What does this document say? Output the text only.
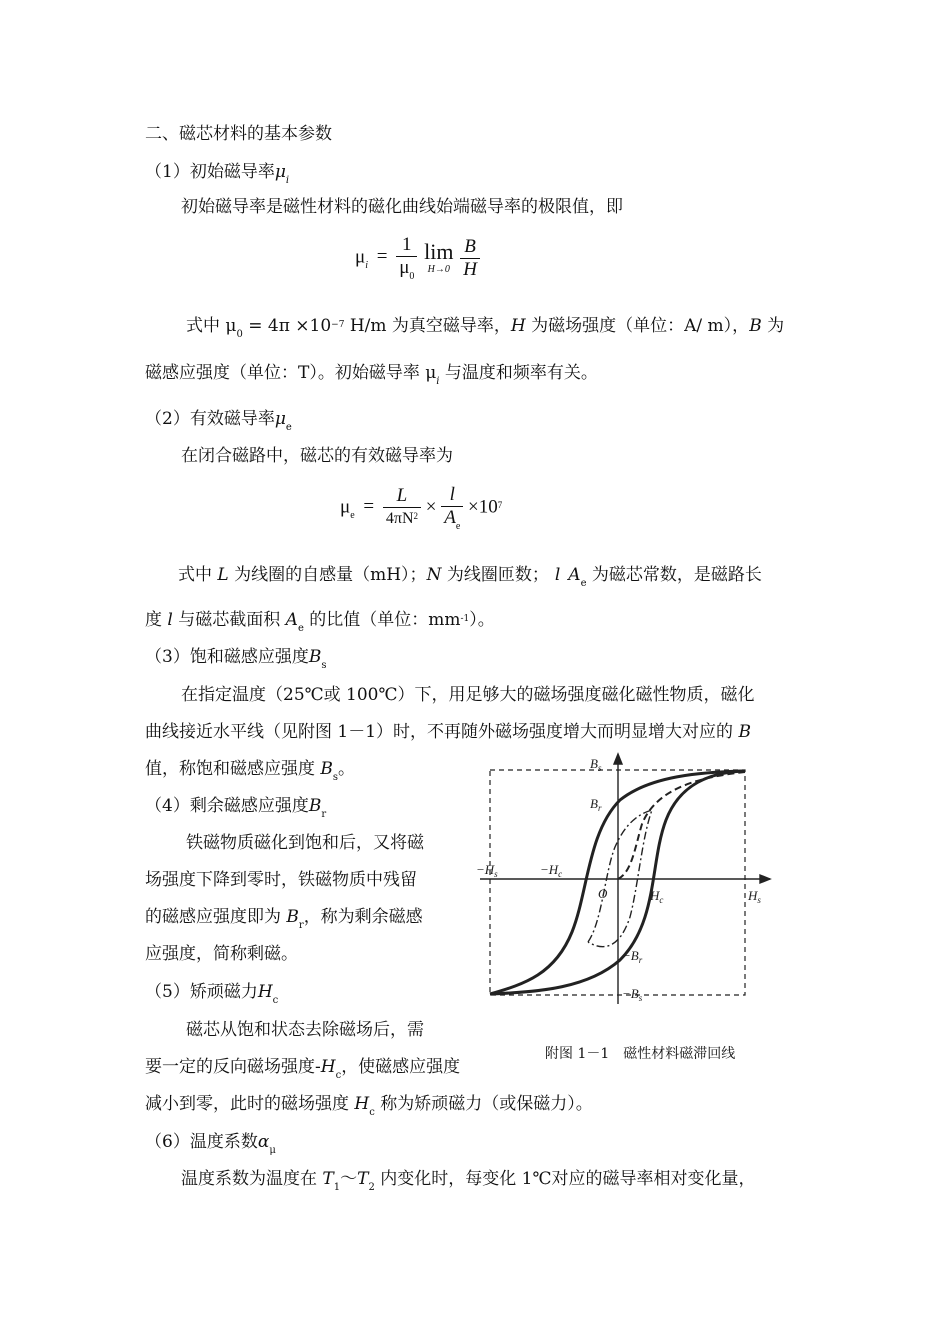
二、磁芯材料的基本参数
（1）初始磁导率$\mu_i$
初始磁导率是磁性材料的磁化曲线始端磁导率的极限值，即
$\mu_i = \frac{1}{\mu_0}$
lim
H→0
$\frac{B}{H}$
式中 $\mu_0 = 4\pi \times 10^{-7}$ H/m 为真空磁导率，H 为磁场强度（单位：A/ m），B 为
磁感应强度（单位：T）。初始磁导率 $\mu_i$ 与温度和频率有关。
（2）有效磁导率$\mu_e$
在闭合磁路中，磁芯的有效磁导率为
$\mu_e = \frac{L}{4\pi N^2} \times \frac{l}{A_e} \times 10^7$
式中 L 为线圈的自感量（mH）；N 为线圈匝数； l $A_e$ 为磁芯常数，是磁路长
度 l 与磁芯截面积 $A_e$ 的比值（单位：$mm^{-1}$）。
（3）饱和磁感应强度$B_s$
在指定温度（25℃或 100℃）下，用足够大的磁场强度磁化磁性物质，磁化
曲线接近水平线（见附图 1－1）时，不再随外磁场强度增大而明显增大对应的 B
值，称饱和磁感应强度 $B_s$。
（4）剩余磁感应强度$B_r$
铁磁物质磁化到饱和后，又将磁
场强度下降到零时，铁磁物质中残留
的磁感应强度即为 $B_r$，称为剩余磁感
应强度，简称剩磁。
（5）矫顽磁力$H_c$
磁芯从饱和状态去除磁场后，需
要一定的反向磁场强度$-H_c$，使磁感应强度
减小到零，此时的磁场强度 $H_c$ 称为矫顽磁力（或保磁力）。
（6）温度系数$\alpha_\mu$
温度系数为温度在 $T_1\sim T_2$ 内变化时，每变化 1℃对应的磁导率相对变化量，
$B_s$
$B_r$
$-H_s$	$-H_c$
O	$H_c$	$H_s$
$-B_r$
$-B_s$
附图 1－1　磁性材料磁滞回线
